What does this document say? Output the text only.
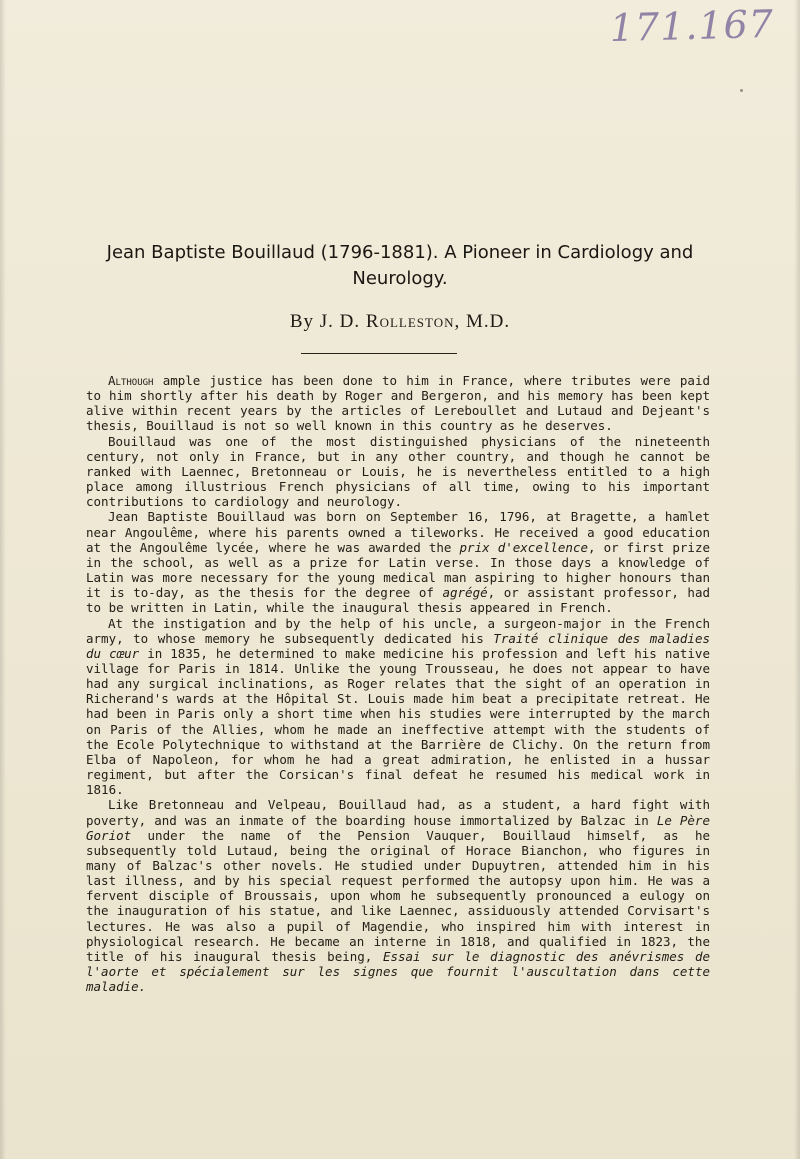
171.167
Jean Baptiste Bouillaud (1796-1881). A Pioneer in Cardiology and Neurology.
By J. D. Rolleston, M.D.

Although ample justice has been done to him in France, where tributes were paid to him shortly after his death by Roger and Bergeron, and his memory has been kept alive within recent years by the articles of Lereboullet and Lutaud and Dejeant's thesis, Bouillaud is not so well known in this country as he deserves.

Bouillaud was one of the most distinguished physicians of the nineteenth century, not only in France, but in any other country, and though he cannot be ranked with Laennec, Bretonneau or Louis, he is nevertheless entitled to a high place among illustrious French physicians of all time, owing to his important contributions to cardiology and neurology.

Jean Baptiste Bouillaud was born on September 16, 1796, at Bragette, a hamlet near Angoulême, where his parents owned a tileworks. He received a good education at the Angoulême lycée, where he was awarded the prix d'excellence, or first prize in the school, as well as a prize for Latin verse. In those days a knowledge of Latin was more necessary for the young medical man aspiring to higher honours than it is to-day, as the thesis for the degree of agrégé, or assistant professor, had to be written in Latin, while the inaugural thesis appeared in French.

At the instigation and by the help of his uncle, a surgeon-major in the French army, to whose memory he subsequently dedicated his Traité clinique des maladies du cœur in 1835, he determined to make medicine his profession and left his native village for Paris in 1814. Unlike the young Trousseau, he does not appear to have had any surgical inclinations, as Roger relates that the sight of an operation in Richerand's wards at the Hôpital St. Louis made him beat a precipitate retreat. He had been in Paris only a short time when his studies were interrupted by the march on Paris of the Allies, whom he made an ineffective attempt with the students of the Ecole Polytechnique to withstand at the Barrière de Clichy. On the return from Elba of Napoleon, for whom he had a great admiration, he enlisted in a hussar regiment, but after the Corsican's final defeat he resumed his medical work in 1816.

Like Bretonneau and Velpeau, Bouillaud had, as a student, a hard fight with poverty, and was an inmate of the boarding house immortalized by Balzac in Le Père Goriot under the name of the Pension Vauquer, Bouillaud himself, as he subsequently told Lutaud, being the original of Horace Bianchon, who figures in many of Balzac's other novels. He studied under Dupuytren, attended him in his last illness, and by his special request performed the autopsy upon him. He was a fervent disciple of Broussais, upon whom he subsequently pronounced a eulogy on the inauguration of his statue, and like Laennec, assiduously attended Corvisart's lectures. He was also a pupil of Magendie, who inspired him with interest in physiological research. He became an interne in 1818, and qualified in 1823, the title of his inaugural thesis being, Essai sur le diagnostic des anévrismes de l'aorte et spécialement sur les signes que fournit l'auscultation dans cette maladie.
